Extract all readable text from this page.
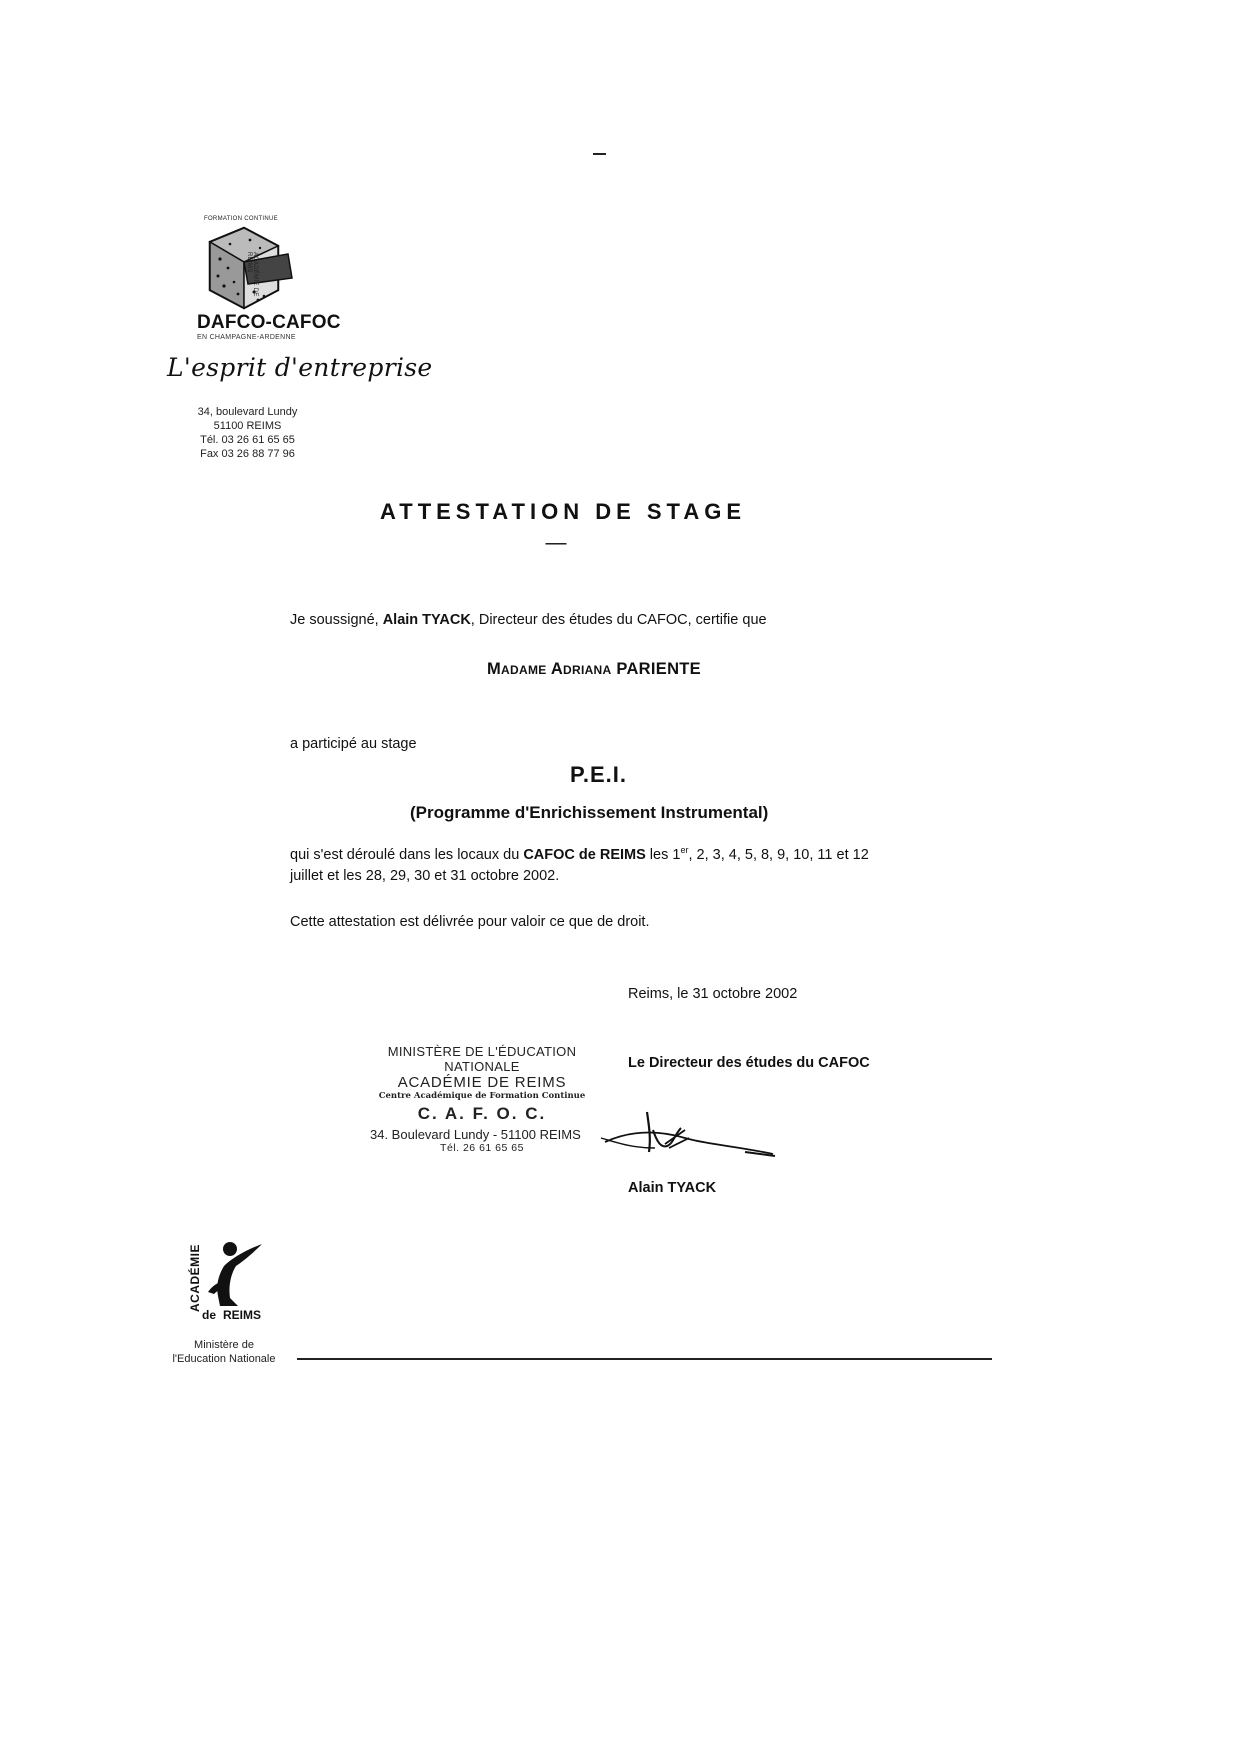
FORMATION CONTINUE
ACADÉMIE DE REIMS
DAFCO-CAFOC
EN CHAMPAGNE-ARDENNE
L'esprit d'entreprise
34, boulevard Lundy
51100 REIMS
Tél. 03 26 61 65 65
Fax 03 26 88 77 96
ATTESTATION DE STAGE
-------
Je soussigné, Alain TYACK, Directeur des études du CAFOC, certifie que
Madame Adriana PARIENTE
a participé au stage
P.E.I.
(Programme d'Enrichissement Instrumental)
qui s'est déroulé dans les locaux du CAFOC de REIMS les 1er, 2, 3, 4, 5, 8, 9, 10, 11 et 12
juillet et les 28, 29, 30 et 31 octobre 2002.
Cette attestation est délivrée pour valoir ce que de droit.
Reims, le 31 octobre 2002
MINISTÈRE DE L'ÉDUCATION NATIONALE
ACADÉMIE DE REIMS
Centre Académique de Formation Continue
C. A. F. O. C.
34. Boulevard Lundy - 51100 REIMS
Tél. 26 61 65 65
Le Directeur des études du CAFOC
Alain TYACK
ACADÉMIE
de REIMS
Ministère de
l'Education Nationale
